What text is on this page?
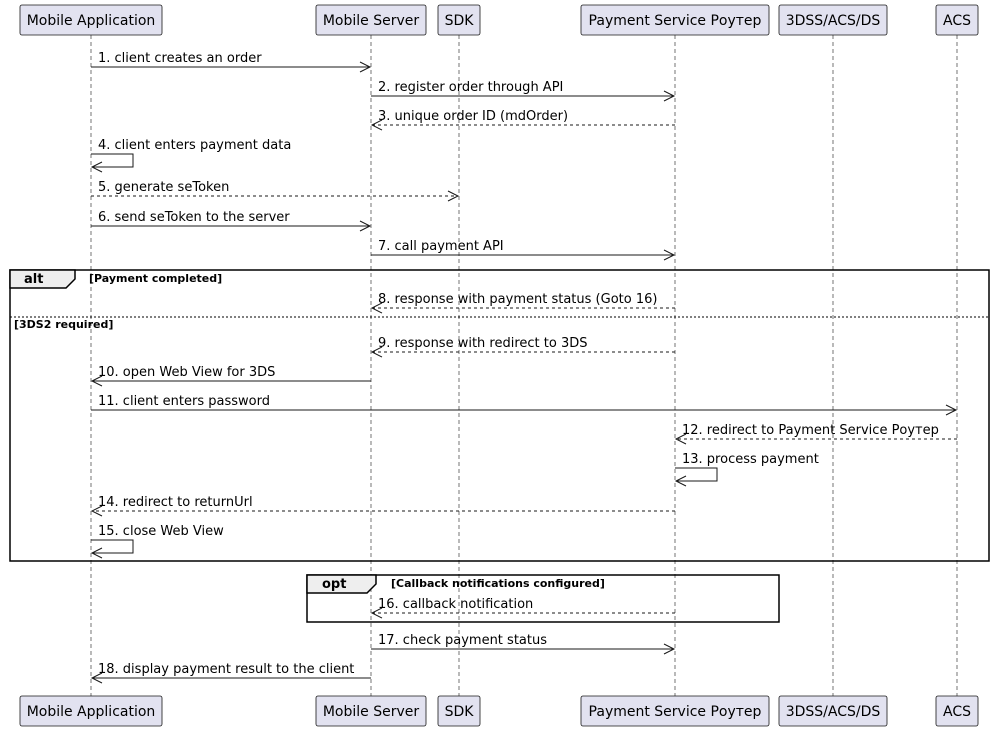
Mobile Application	Mobile Server SDK	Payment Service Роутер 3DSS/ACS/DS	ACS
Mobile Application	Mobile Server SDK	Payment Service Роутер 3DSS/ACS/DS	ACS
alt	[Payment completed]
[3DS2 required]
opt	[Callback notifications configured]
1. client creates an order
2. register order through API
3. unique order ID (mdOrder)
4. client enters payment data
5. generate seToken
6. send seToken to the server
7. call payment API
8. response with payment status (Goto 16)
9. response with redirect to 3DS
10. open Web View for 3DS
11. client enters password
12. redirect to Payment Service Роутер
13. process payment
14. redirect to returnUrl
15. close Web View
16. callback notification
17. check payment status
18. display payment result to the client
